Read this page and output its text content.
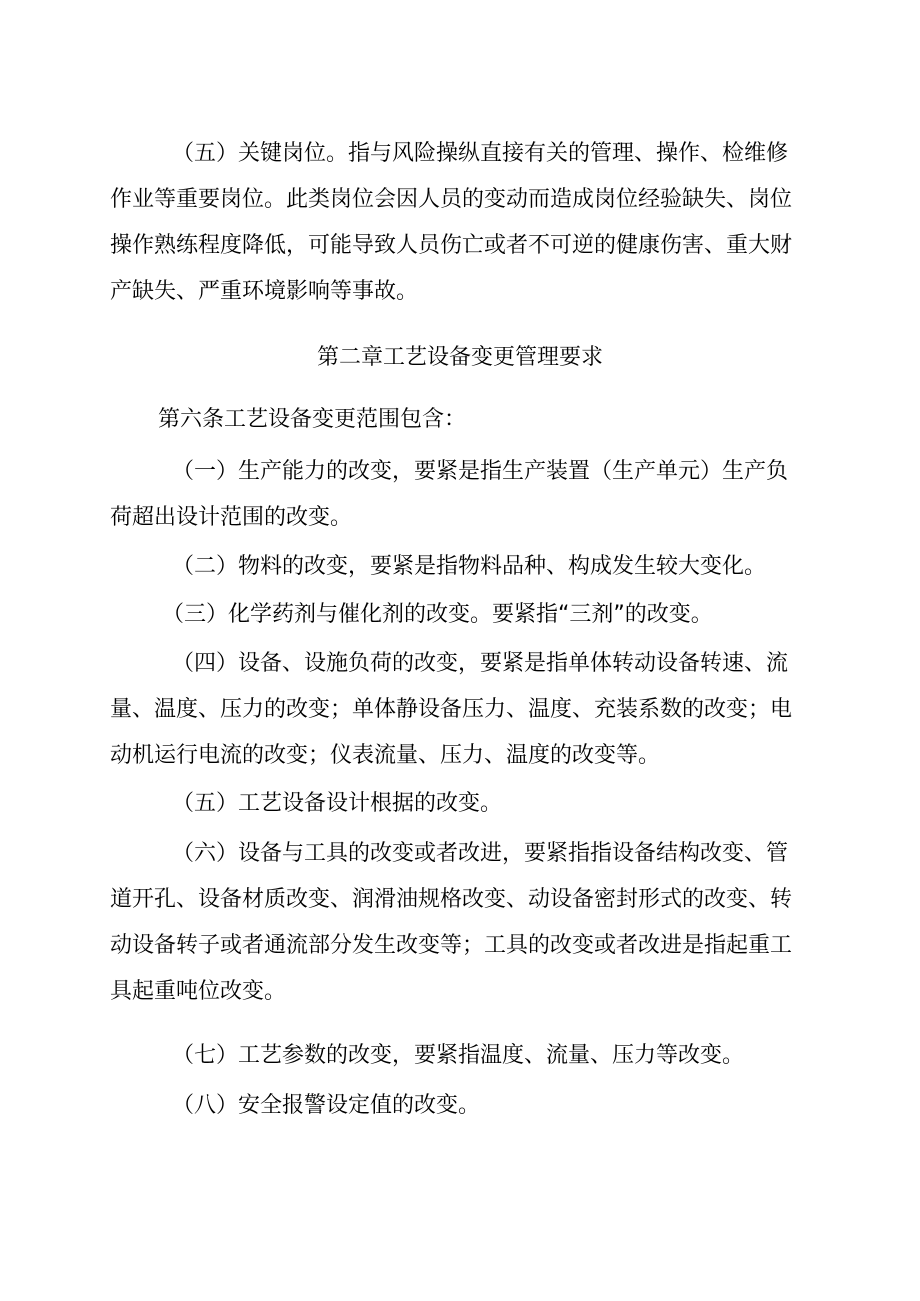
（五）关键岗位。指与风险操纵直接有关的管理、操作、检维修
作业等重要岗位。此类岗位会因人员的变动而造成岗位经验缺失、岗位
操作熟练程度降低，可能导致人员伤亡或者不可逆的健康伤害、重大财
产缺失、严重环境影响等事故。
第二章工艺设备变更管理要求
第六条工艺设备变更范围包含：
（一）生产能力的改变，要紧是指生产装置（生产单元）生产负
荷超出设计范围的改变。
（二）物料的改变，要紧是指物料品种、构成发生较大变化。
（三）化学药剂与催化剂的改变。要紧指“三剂”的改变。
（四）设备、设施负荷的改变，要紧是指单体转动设备转速、流
量、温度、压力的改变；单体静设备压力、温度、充装系数的改变；电
动机运行电流的改变；仪表流量、压力、温度的改变等。
（五）工艺设备设计根据的改变。
（六）设备与工具的改变或者改进，要紧指指设备结构改变、管
道开孔、设备材质改变、润滑油规格改变、动设备密封形式的改变、转
动设备转子或者通流部分发生改变等；工具的改变或者改进是指起重工
具起重吨位改变。
（七）工艺参数的改变，要紧指温度、流量、压力等改变。
（八）安全报警设定值的改变。
